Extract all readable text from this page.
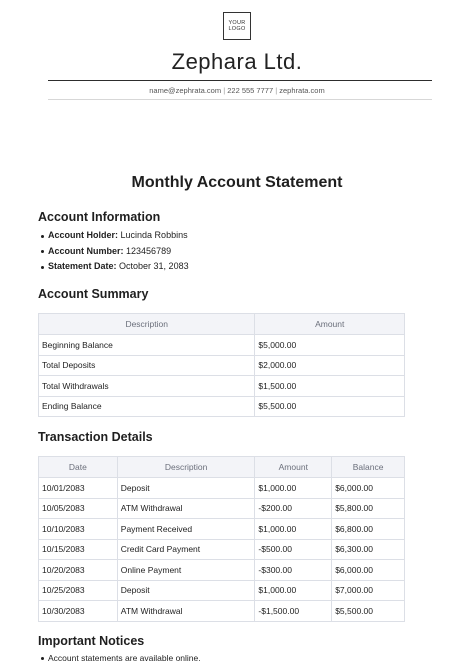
YOUR LOGO
Zephara Ltd.
name@zephrata.com | 222 555 7777 | zephrata.com
Monthly Account Statement
Account Information
Account Holder: Lucinda Robbins
Account Number: 123456789
Statement Date: October 31, 2083
Account Summary
Description	Amount
Beginning Balance	$5,000.00
Total Deposits	$2,000.00
Total Withdrawals	$1,500.00
Ending Balance	$5,500.00
Transaction Details
Date	Description	Amount	Balance
10/01/2083	Deposit	$1,000.00	$6,000.00
10/05/2083	ATM Withdrawal	-$200.00	$5,800.00
10/10/2083	Payment Received	$1,000.00	$6,800.00
10/15/2083	Credit Card Payment	-$500.00	$6,300.00
10/20/2083	Online Payment	-$300.00	$6,000.00
10/25/2083	Deposit	$1,000.00	$7,000.00
10/30/2083	ATM Withdrawal	-$1,500.00	$5,500.00
Important Notices
Account statements are available online.
